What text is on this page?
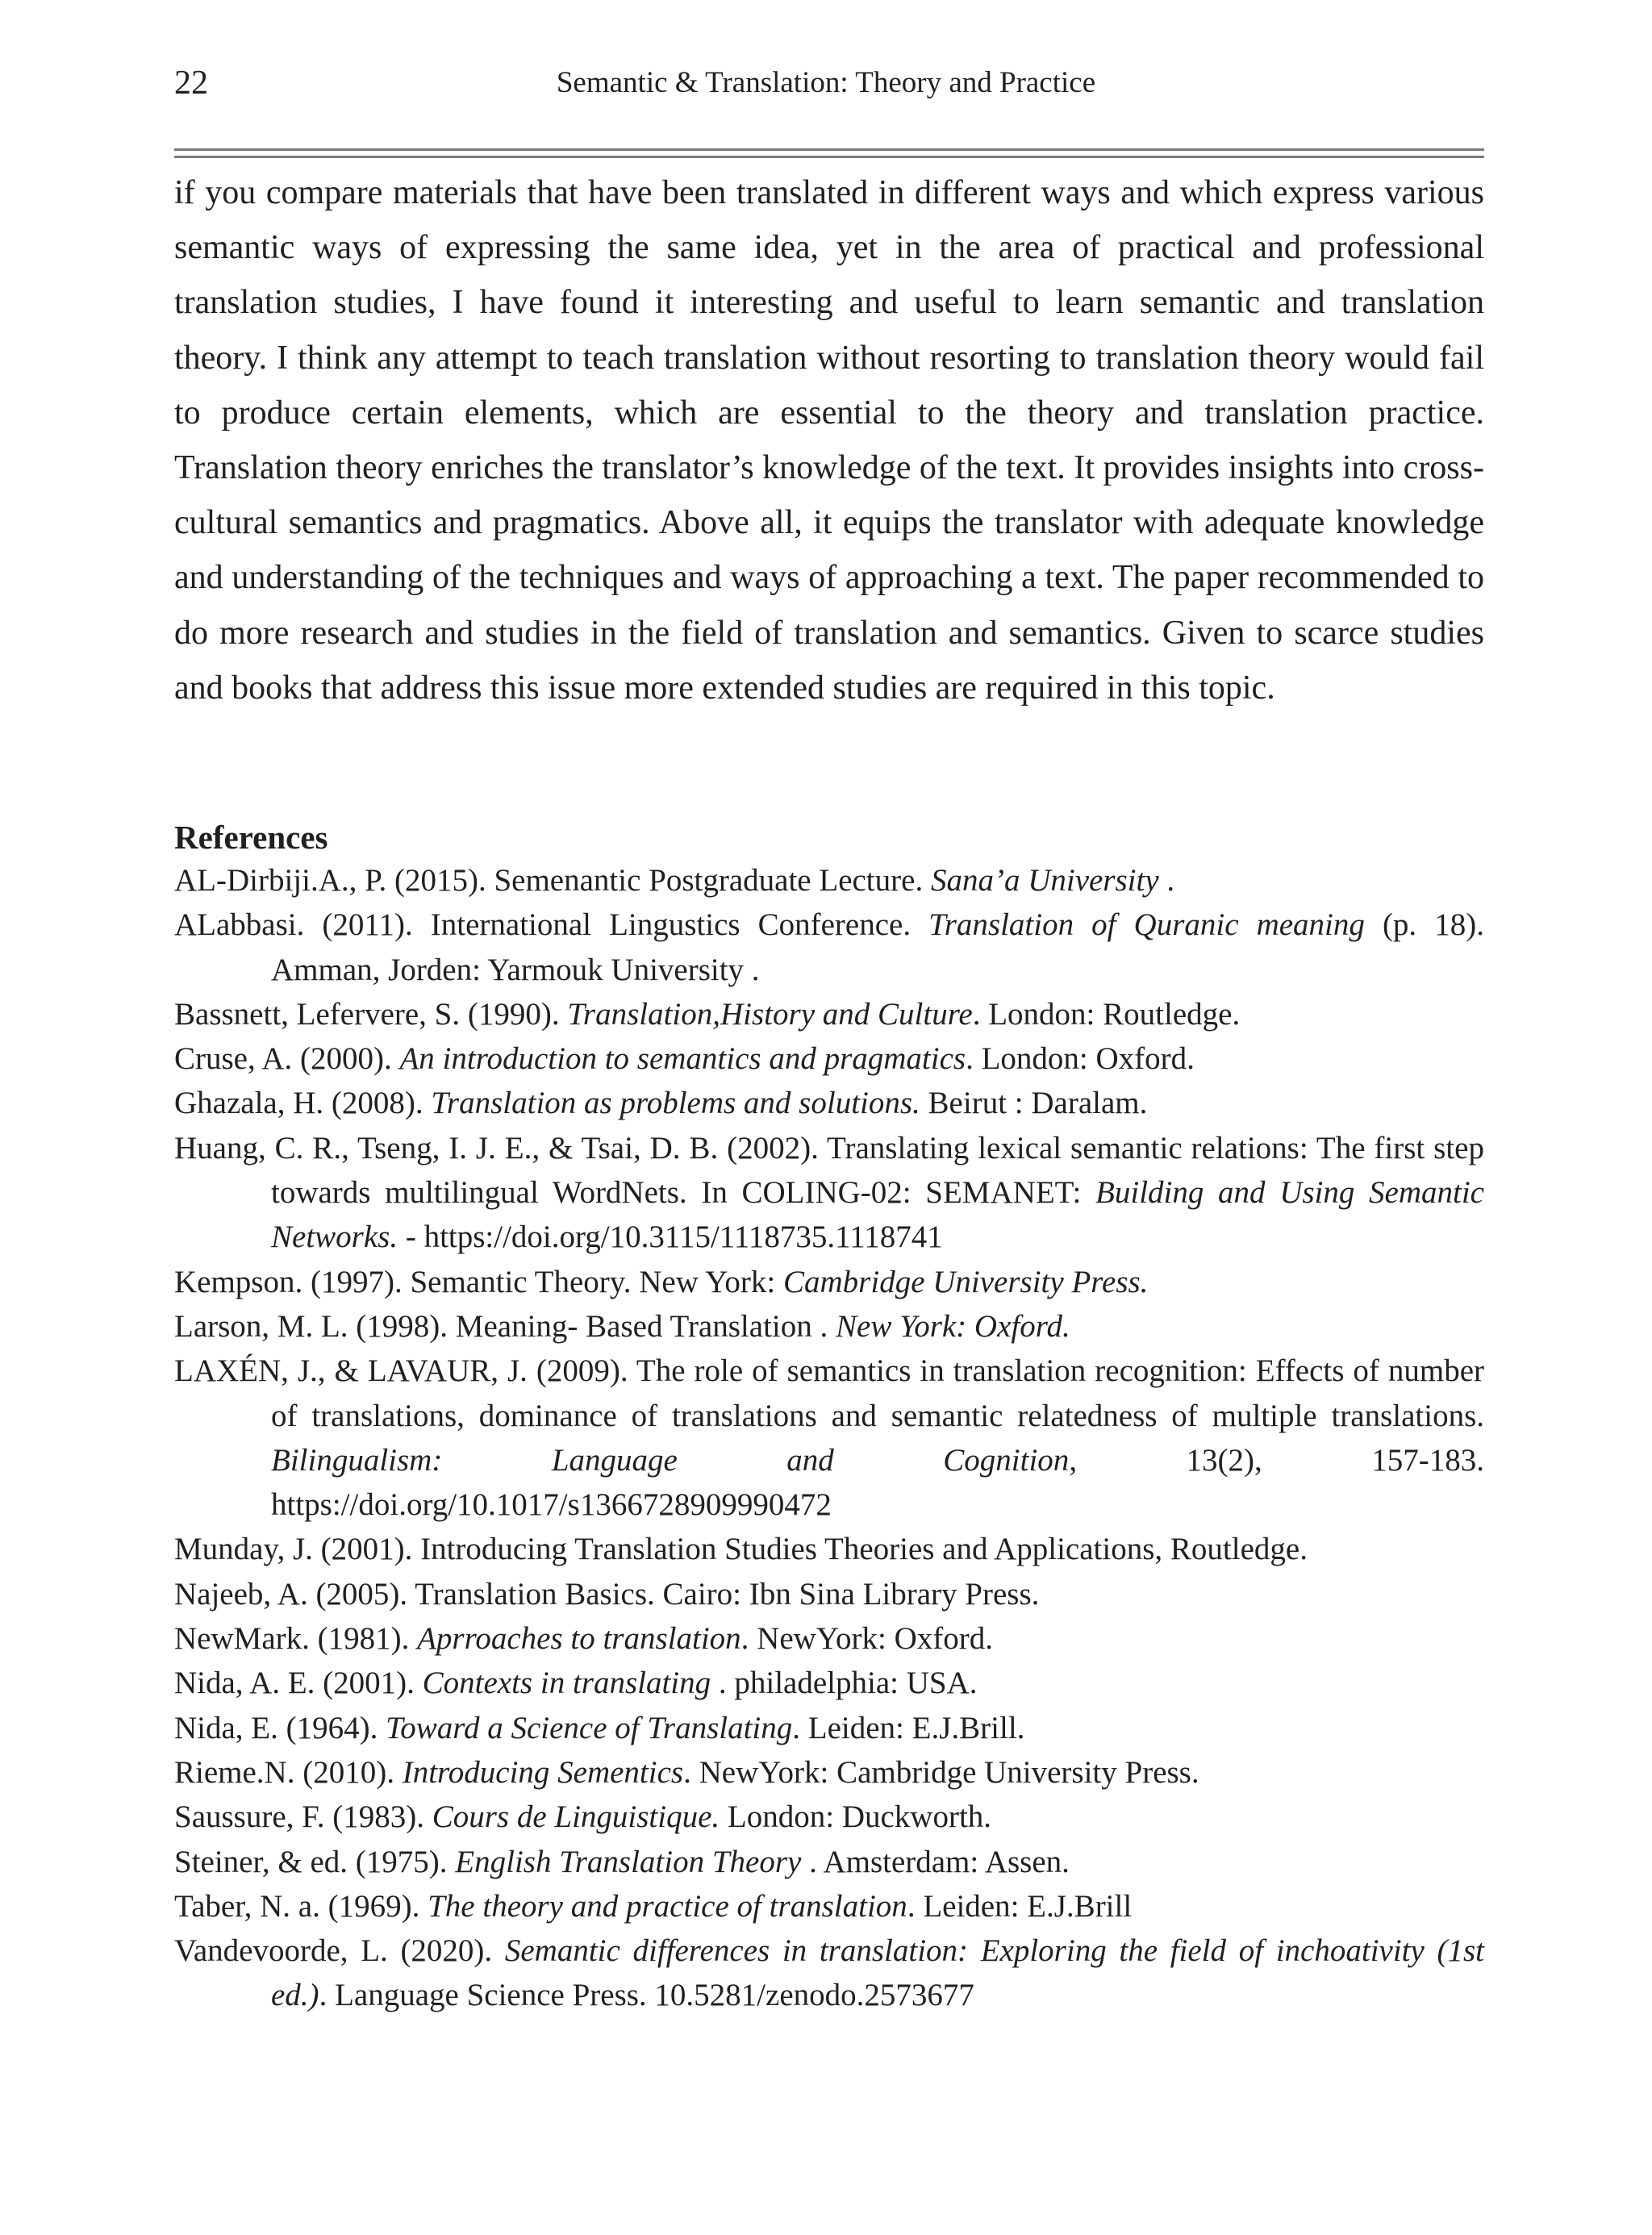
22	Semantic & Translation: Theory and Practice

if you compare materials that have been translated in different ways and which express various semantic ways of expressing the same idea, yet in the area of practical and professional translation studies, I have found it interesting and useful to learn semantic and translation theory. I think any attempt to teach translation without resorting to translation theory would fail to produce certain elements, which are essential to the theory and translation practice. Translation theory enriches the translator’s knowledge of the text. It provides insights into cross- cultural semantics and pragmatics. Above all, it equips the translator with adequate knowledge and understanding of the techniques and ways of approaching a text. The paper recommended to do more research and studies in the field of translation and semantics. Given to scarce studies and books that address this issue more extended studies are required in this topic.

References
AL-Dirbiji.A., P. (2015). Semenantic Postgraduate Lecture. Sana’a University .
ALabbasi. (2011). International Lingustics Conference. Translation of Quranic meaning (p. 18). Amman, Jorden: Yarmouk University .
Bassnett, Lefervere, S. (1990). Translation,History and Culture. London: Routledge.
Cruse, A. (2000). An introduction to semantics and pragmatics. London: Oxford.
Ghazala, H. (2008). Translation as problems and solutions. Beirut : Daralam.
Huang, C. R., Tseng, I. J. E., & Tsai, D. B. (2002). Translating lexical semantic relations: The first step towards multilingual WordNets. In COLING-02: SEMANET: Building and Using Semantic Networks. - https://doi.org/10.3115/1118735.1118741
Kempson. (1997). Semantic Theory. New York: Cambridge University Press.
Larson, M. L. (1998). Meaning- Based Translation . New York: Oxford.
LAXÉN, J., & LAVAUR, J. (2009). The role of semantics in translation recognition: Effects of number of translations, dominance of translations and semantic relatedness of multiple translations. Bilingualism: Language and Cognition, 13(2), 157-183. https://doi.org/10.1017/s1366728909990472
Munday, J. (2001). Introducing Translation Studies Theories and Applications, Routledge.
Najeeb, A. (2005). Translation Basics. Cairo: Ibn Sina Library Press.
NewMark. (1981). Aprroaches to translation. NewYork: Oxford.
Nida, A. E. (2001). Contexts in translating . philadelphia: USA.
Nida, E. (1964). Toward a Science of Translating. Leiden: E.J.Brill.
Rieme.N. (2010). Introducing Sementics. NewYork: Cambridge University Press.
Saussure, F. (1983). Cours de Linguistique. London: Duckworth.
Steiner, & ed. (1975). English Translation Theory . Amsterdam: Assen.
Taber, N. a. (1969). The theory and practice of translation. Leiden: E.J.Brill
Vandevoorde, L. (2020). Semantic differences in translation: Exploring the field of inchoativity (1st ed.). Language Science Press. 10.5281/zenodo.2573677
